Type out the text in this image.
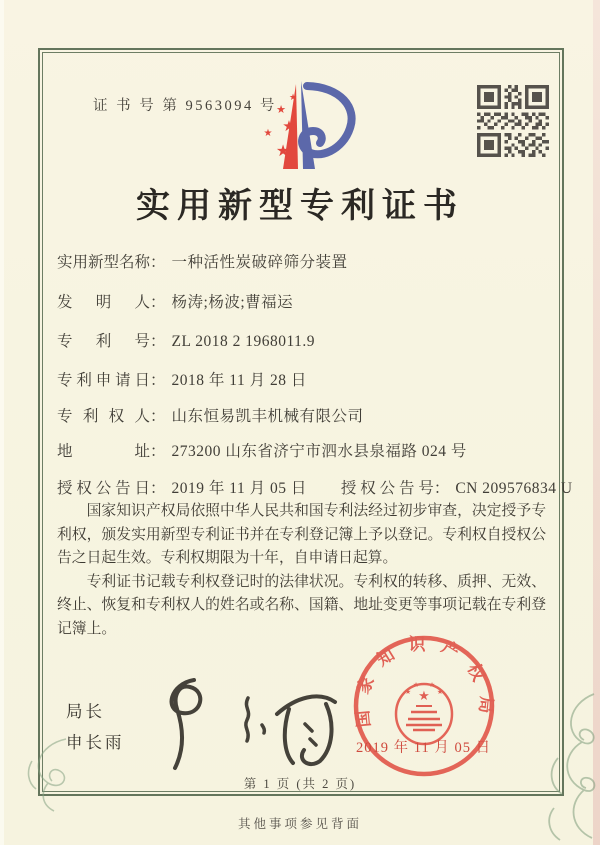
证 书 号 第 9563094 号
★
★
★
★
★
实用新型专利证书
实用新型名称： 一种活性炭破碎筛分装置
发明人： 杨涛;杨波;曹福运
专利号： ZL 2018 2 1968011.9
专利申请日： 2018 年 11 月 28 日
专利权人： 山东恒易凯丰机械有限公司
地址： 273200 山东省济宁市泗水县泉福路 024 号
授权公告日： 2019 年 11 月 05 日 授权公告号： CN 209576834 U

国家知识产权局依照中华人民共和国专利法经过初步审查，决定授予专利权，颁发实用新型专利证书并在专利登记簿上予以登记。专利权自授权公告之日起生效。专利权期限为十年，自申请日起算。

专利证书记载专利权登记时的法律状况。专利权的转移、质押、无效、终止、恢复和专利权人的姓名或名称、国籍、地址变更等事项记载在专利登记簿上。

局长
申长雨
国家知识产权局
★
★
★ ★
★
2019 年 11 月 05 日
第 1 页 (共 2 页)
其他事项参见背面
